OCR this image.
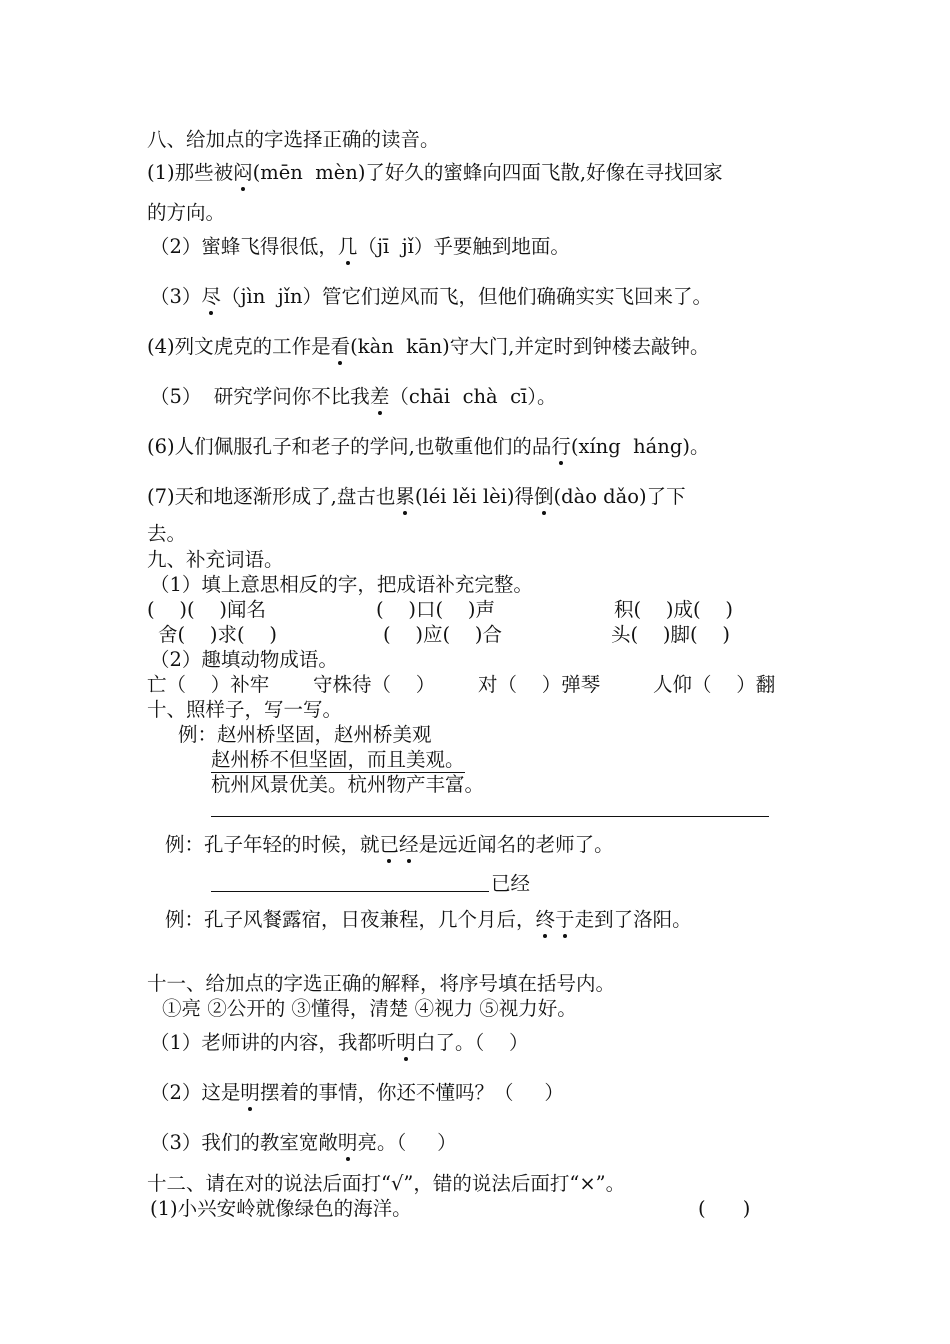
八、给加点的字选择正确的读音。
(1)那些被闷(mēn  mèn)了好久的蜜蜂向四面飞散,好像在寻找回家
的方向。
（2）蜜蜂飞得很低，几（jī  jǐ）乎要触到地面。
（3）尽（jìn  jǐn）管它们逆风而飞，但他们确确实实飞回来了。
(4)列文虎克的工作是看(kàn  kān)守大门,并定时到钟楼去敲钟。
（5）  研究学问你不比我差（chāi  chà  cī）。
(6)人们佩服孔子和老子的学问,也敬重他们的品行(xíng  háng)。
(7)天和地逐渐形成了,盘古也累(léi lěi lèi)得倒(dào dǎo)了下
去。
九、补充词语。
（1）填上意思相反的字，把成语补充完整。
(    )(    )闻名	(    )口(    )声	积(    )成(    )
舍(    )求(    )	(    )应(    )合	头(    )脚(    )
（2）趣填动物成语。
亡（    ）补牢 守株待（    ） 对（    ）弹琴	人仰（    ）翻
十、照样子，写一写。
例：赵州桥坚固，赵州桥美观
赵州桥不但坚固，而且美观。
杭州风景优美。杭州物产丰富。
例：孔子年轻的时候，就已经是远近闻名的老师了。
已经
例：孔子风餐露宿，日夜兼程，几个月后，终于走到了洛阳。
十一、给加点的字选正确的解释，将序号填在括号内。
①亮 ②公开的 ③懂得，清楚 ④视力 ⑤视力好。
（1）老师讲的内容，我都听明白了。（    ）
（2）这是明摆着的事情，你还不懂吗？（     ）
（3）我们的教室宽敞明亮。（     ）
十二、请在对的说法后面打“√”，错的说法后面打“×”。
(1)小兴安岭就像绿色的海洋。	(      )
